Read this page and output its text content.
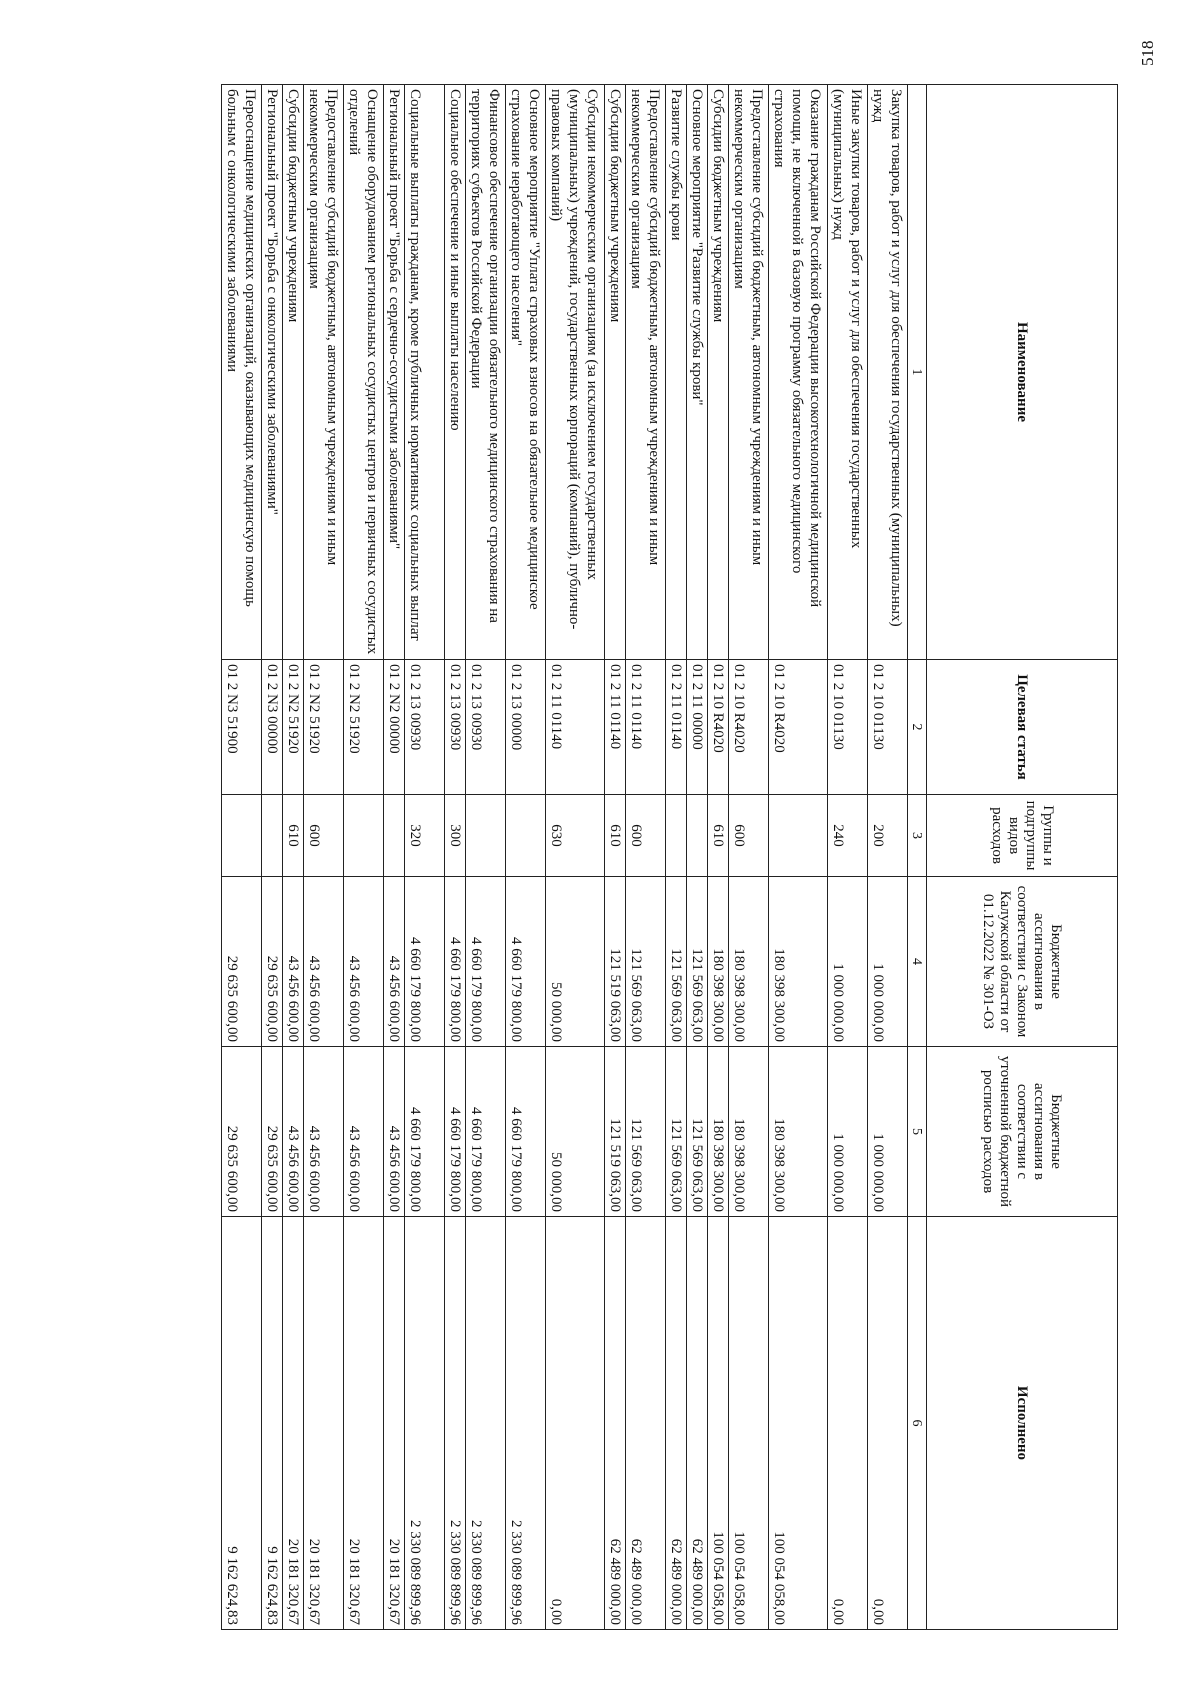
518
Наименование	Целевая статья	Группы и подгруппы видов расходов	Бюджетные ассигнования в соответствии с Законом Калужской области от 01.12.2022 № 301-ОЗ	Бюджетные ассигнования в соответствии с уточненной бюджетной росписью расходов	Исполнено
1	2	3	4	5	6
Закупка товаров, работ и услуг для обеспечения государственных (муниципальных) нужд	01 2 10 01130	200	1 000 000,00	1 000 000,00	0,00
Иные закупки товаров, работ и услуг для обеспечения государственных (муниципальных) нужд	01 2 10 01130	240	1 000 000,00	1 000 000,00	0,00
Оказание гражданам Российской Федерации высокотехнологичной медицинской помощи, не включенной в базовую программу обязательного медицинского страхования	01 2 10 R4020		180 398 300,00	180 398 300,00	100 054 058,00
Предоставление субсидий бюджетным, автономным учреждениям и иным некоммерческим организациям	01 2 10 R4020	600	180 398 300,00	180 398 300,00	100 054 058,00
Субсидии бюджетным учреждениям	01 2 10 R4020	610	180 398 300,00	180 398 300,00	100 054 058,00
Основное мероприятие "Развитие службы крови"	01 2 11 00000		121 569 063,00	121 569 063,00	62 489 000,00
Развитие службы крови	01 2 11 01140		121 569 063,00	121 569 063,00	62 489 000,00
Предоставление субсидий бюджетным, автономным учреждениям и иным некоммерческим организациям	01 2 11 01140	600	121 569 063,00	121 569 063,00	62 489 000,00
Субсидии бюджетным учреждениям	01 2 11 01140	610	121 519 063,00	121 519 063,00	62 489 000,00
Субсидии некоммерческим организациям (за исключением государственных (муниципальных) учреждений, государственных корпораций (компаний), публично-правовых компаний)	01 2 11 01140	630	50 000,00	50 000,00	0,00
Основное мероприятие "Уплата страховых взносов на обязательное медицинское страхование неработающего населения"	01 2 13 00000		4 660 179 800,00	4 660 179 800,00	2 330 089 899,96
Финансовое обеспечение организации обязательного медицинского страхования на территориях субъектов Российской Федерации	01 2 13 00930		4 660 179 800,00	4 660 179 800,00	2 330 089 899,96
Социальное обеспечение и иные выплаты населению	01 2 13 00930	300	4 660 179 800,00	4 660 179 800,00	2 330 089 899,96
Социальные выплаты гражданам, кроме публичных нормативных социальных выплат	01 2 13 00930	320	4 660 179 800,00	4 660 179 800,00	2 330 089 899,96
Региональный проект "Борьба с сердечно-сосудистыми заболеваниями"	01 2 N2 00000		43 456 600,00	43 456 600,00	20 181 320,67
Оснащение оборудованием региональных сосудистых центров и первичных сосудистых отделений	01 2 N2 51920		43 456 600,00	43 456 600,00	20 181 320,67
Предоставление субсидий бюджетным, автономным учреждениям и иным некоммерческим организациям	01 2 N2 51920	600	43 456 600,00	43 456 600,00	20 181 320,67
Субсидии бюджетным учреждениям	01 2 N2 51920	610	43 456 600,00	43 456 600,00	20 181 320,67
Региональный проект "Борьба с онкологическими заболеваниями"	01 2 N3 00000		29 635 600,00	29 635 600,00	9 162 624,83
Переоснащение медицинских организаций, оказывающих медицинскую помощь больным с онкологическими заболеваниями	01 2 N3 51900		29 635 600,00	29 635 600,00	9 162 624,83
